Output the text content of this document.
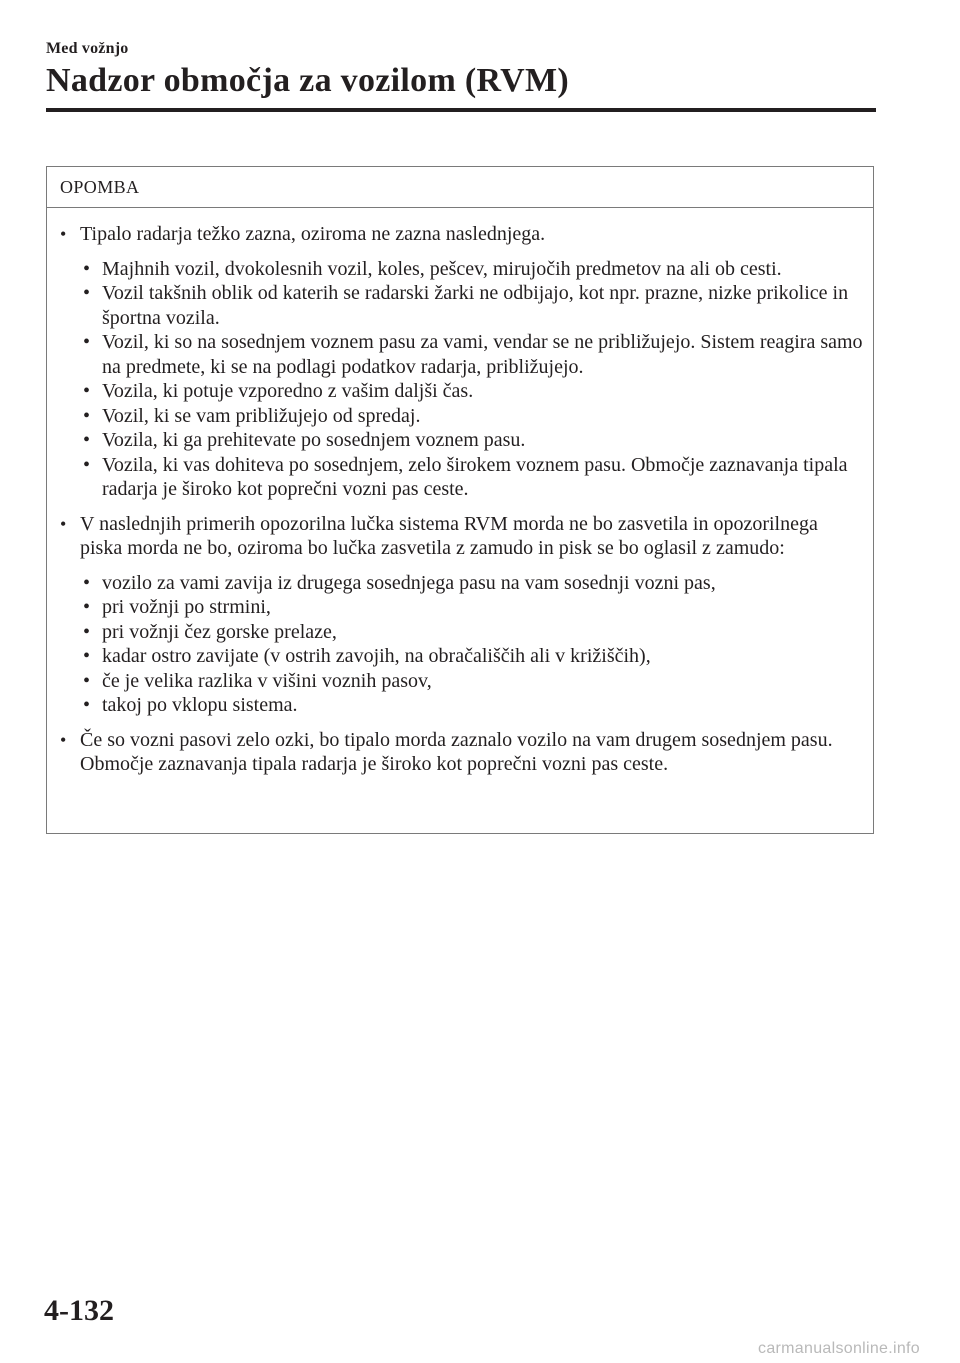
Med vožnjo
Nadzor območja za vozilom (RVM)
OPOMBA
• Tipalo radarja težko zazna, oziroma ne zazna naslednjega.
• Majhnih vozil, dvokolesnih vozil, koles, pešcev, mirujočih predmetov na ali ob cesti.
• Vozil takšnih oblik od katerih se radarski žarki ne odbijajo, kot npr. prazne, nizke prikolice in športna vozila.
• Vozil, ki so na sosednjem voznem pasu za vami, vendar se ne približujejo. Sistem reagira samo na predmete, ki se na podlagi podatkov radarja, približujejo.
• Vozila, ki potuje vzporedno z vašim daljši čas.
• Vozil, ki se vam približujejo od spredaj.
• Vozila, ki ga prehitevate po sosednjem voznem pasu.
• Vozila, ki vas dohiteva po sosednjem, zelo širokem voznem pasu. Območje zaznavanja tipala radarja je široko kot poprečni vozni pas ceste.
• V naslednjih primerih opozorilna lučka sistema RVM morda ne bo zasvetila in opozorilnega piska morda ne bo, oziroma bo lučka zasvetila z zamudo in pisk se bo oglasil z zamudo:
• vozilo za vami zavija iz drugega sosednjega pasu na vam sosednji vozni pas,
• pri vožnji po strmini,
• pri vožnji čez gorske prelaze,
• kadar ostro zavijate (v ostrih zavojih, na obračališčih ali v križiščih),
• če je velika razlika v višini voznih pasov,
• takoj po vklopu sistema.
• Če so vozni pasovi zelo ozki, bo tipalo morda zaznalo vozilo na vam drugem sosednjem pasu. Območje zaznavanja tipala radarja je široko kot poprečni vozni pas ceste.
4-132
carmanualsonline.info
